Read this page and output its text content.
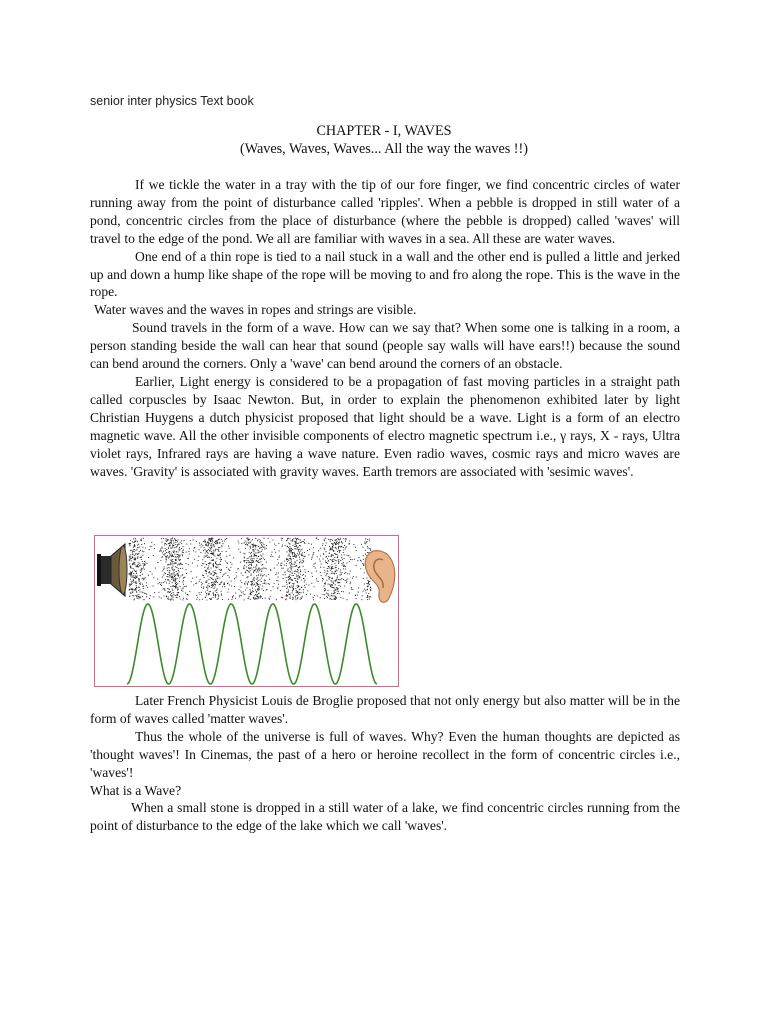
senior inter physics Text book
CHAPTER - I, WAVES
(Waves, Waves, Waves... All the way the waves !!)

If we tickle the water in a tray with the tip of our fore finger, we find concentric circles of water running away from the point of disturbance called 'ripples'. When a pebble is dropped in still water of a pond, concentric circles from the place of disturbance (where the pebble is dropped) called 'waves' will travel to the edge of the pond. We all are familiar with waves in a sea. All these are water waves.

One end of a thin rope is tied to a nail stuck in a wall and the other end is pulled a little and jerked up and down a hump like shape of the rope will be moving to and fro along the rope. This is the wave in the rope.

Water waves and the waves in ropes and strings are visible.

Sound travels in the form of a wave. How can we say that? When some one is talking in a room, a person standing beside the wall can hear that sound (people say walls will have ears!!) because the sound can bend around the corners. Only a 'wave' can bend around the corners of an obstacle.

Earlier, Light energy is considered to be a propagation of fast moving particles in a straight path called corpuscles by Isaac Newton. But, in order to explain the phenomenon exhibited later by light Christian Huygens a dutch physicist proposed that light should be a wave. Light is a form of an electro magnetic wave. All the other invisible components of electro magnetic spectrum i.e., γ rays, X - rays, Ultra violet rays, Infrared rays are having a wave nature. Even radio waves, cosmic rays and micro waves are waves. 'Gravity' is associated with gravity waves. Earth tremors are associated with 'sesimic waves'.

Later French Physicist Louis de Broglie proposed that not only energy but also matter will be in the form of waves called 'matter waves'.

Thus the whole of the universe is full of waves. Why? Even the human thoughts are depicted as 'thought waves'! In Cinemas, the past of a hero or heroine recollect in the form of concentric circles i.e., 'waves'!

What is a Wave?

When a small stone is dropped in a still water of a lake, we find concentric circles running from the point of disturbance to the edge of the lake which we call 'waves'.
